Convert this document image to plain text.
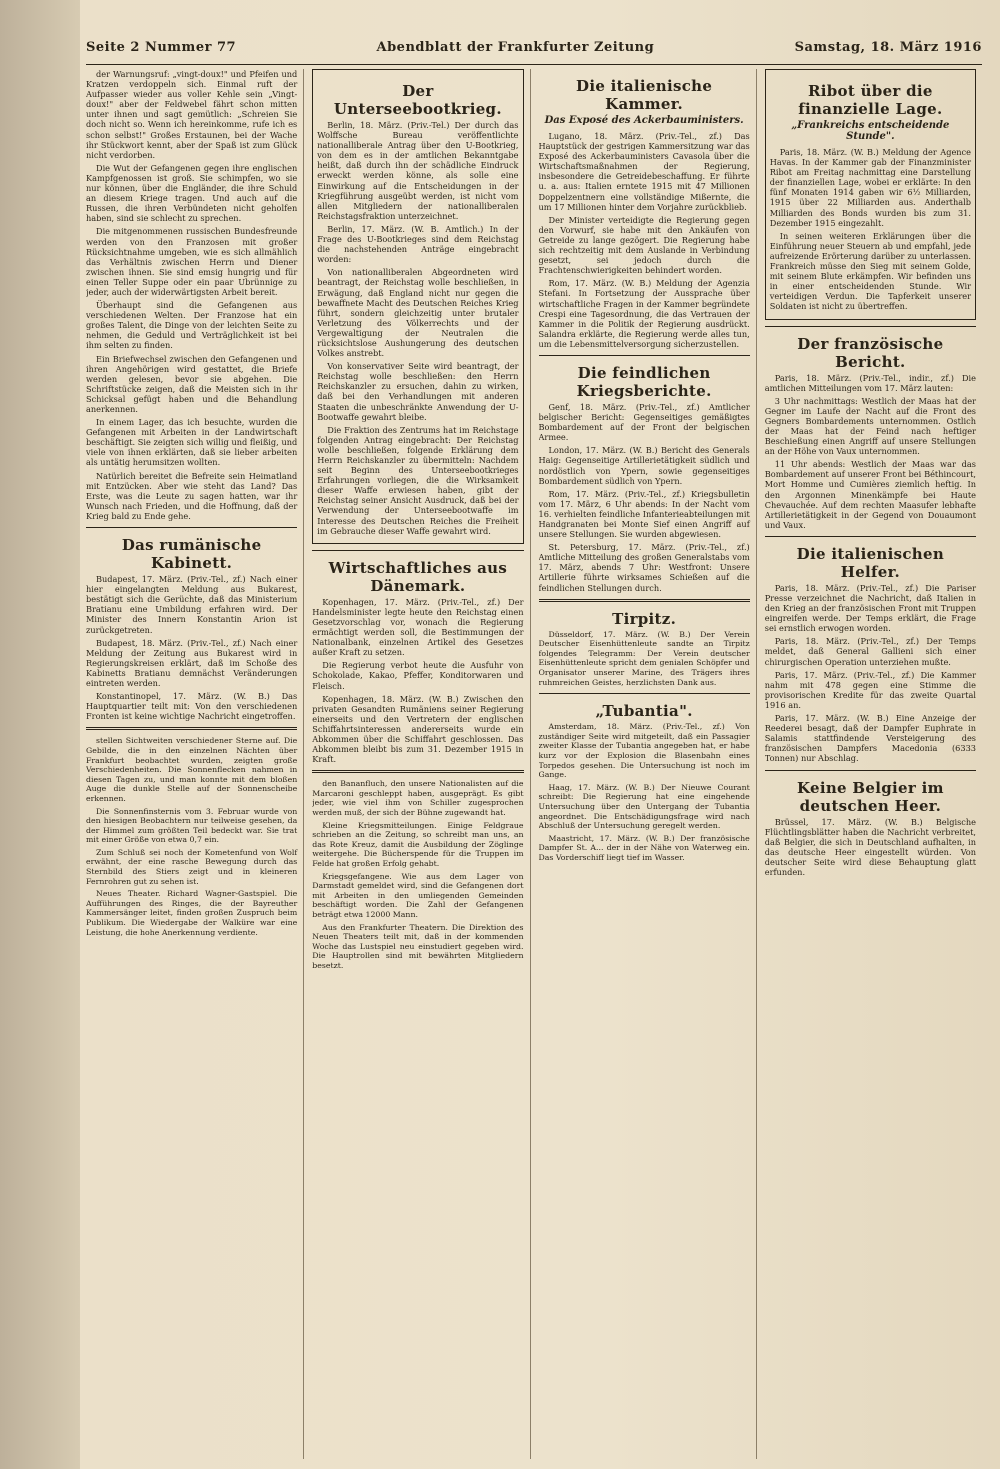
Seite 2 Nummer 77	Abendblatt der Frankfurter Zeitung	Samstag, 18. März 1916

der Warnungsruf: „vingt-doux!" und Pfeifen und Kratzen verdoppeln sich. Einmal ruft der Aufpasser wieder aus voller Kehle sein „Vingt-doux!" aber der Feldwebel fährt schon mitten unter ihnen und sagt gemütlich: „Schreien Sie doch nicht so. Wenn ich hereinkomme, rufe ich es schon selbst!" Großes Erstaunen, bei der Wache ihr Stückwort kennt, aber der Spaß ist zum Glück nicht verdorben.

Die Wut der Gefangenen gegen ihre englischen Kampfgenossen ist groß. Sie schimpfen, wo sie nur können, über die Engländer, die ihre Schuld an diesem Kriege tragen. Und auch auf die Russen, die ihren Verbündeten nicht geholfen haben, sind sie schlecht zu sprechen.

Die mitgenommenen russischen Bundesfreunde werden von den Franzosen mit großer Rücksichtnahme umgeben, wie es sich allmählich das Verhältnis zwischen Herrn und Diener zwischen ihnen. Sie sind emsig hungrig und für einen Teller Suppe oder ein paar Ubrünnige zu jeder, auch der widerwärtigsten Arbeit bereit.

Überhaupt sind die Gefangenen aus verschiedenen Welten. Der Franzose hat ein großes Talent, die Dinge von der leichten Seite zu nehmen, die Geduld und Verträglichkeit ist bei ihm selten zu finden.

Ein Briefwechsel zwischen den Gefangenen und ihren Angehörigen wird gestattet, die Briefe werden gelesen, bevor sie abgehen. Die Schriftstücke zeigen, daß die Meisten sich in ihr Schicksal gefügt haben und die Behandlung anerkennen.

In einem Lager, das ich besuchte, wurden die Gefangenen mit Arbeiten in der Landwirtschaft beschäftigt. Sie zeigten sich willig und fleißig, und viele von ihnen erklärten, daß sie lieber arbeiten als untätig herumsitzen wollten.

Natürlich bereitet die Befreite sein Heimatland mit Entzücken. Aber wie steht das Land? Das Erste, was die Leute zu sagen hatten, war ihr Wunsch nach Frieden, und die Hoffnung, daß der Krieg bald zu Ende gehe.

Das rumänische Kabinett.

Budapest, 17. März. (Priv.-Tel., zf.) Nach einer hier eingelangten Meldung aus Bukarest, bestätigt sich die Gerüchte, daß das Ministerium Bratianu eine Umbildung erfahren wird. Der Minister des Innern Konstantin Arion ist zurückgetreten.

Budapest, 18. März. (Priv.-Tel., zf.) Nach einer Meldung der Zeitung aus Bukarest wird in Regierungskreisen erklärt, daß im Schoße des Kabinetts Bratianu demnächst Veränderungen eintreten werden.

Konstantinopel, 17. März. (W. B.) Das Hauptquartier teilt mit: Von den verschiedenen Fronten ist keine wichtige Nachricht eingetroffen.

stellen Sichtweiten verschiedener Sterne auf. Die Gebilde, die in den einzelnen Nächten über Frankfurt beobachtet wurden, zeigten große Verschiedenheiten. Die Sonnenflecken nahmen in diesen Tagen zu, und man konnte mit dem bloßen Auge die dunkle Stelle auf der Sonnenscheibe erkennen.

Die Sonnenfinsternis vom 3. Februar wurde von den hiesigen Beobachtern nur teilweise gesehen, da der Himmel zum größten Teil bedeckt war. Sie trat mit einer Größe von etwa 0,7 ein.

Zum Schluß sei noch der Kometenfund von Wolf erwähnt, der eine rasche Bewegung durch das Sternbild des Stiers zeigt und in kleineren Fernrohren gut zu sehen ist.

Neues Theater. Richard Wagner-Gastspiel. Die Aufführungen des Ringes, die der Bayreuther Kammersänger leitet, finden großen Zuspruch beim Publikum. Die Wiedergabe der Walküre war eine Leistung, die hohe Anerkennung verdiente.

Der Unterseebootkrieg.

Berlin, 18. März. (Priv.-Tel.) Der durch das Wolffsche Bureau veröffentlichte nationalliberale Antrag über den U-Bootkrieg, von dem es in der amtlichen Bekanntgabe heißt, daß durch ihn der schädliche Eindruck erweckt werden könne, als solle eine Einwirkung auf die Entscheidungen in der Kriegführung ausgeübt werden, ist nicht vom allen Mitgliedern der nationalliberalen Reichstagsfraktion unterzeichnet.

Berlin, 17. März. (W. B. Amtlich.) In der Frage des U-Bootkrieges sind dem Reichstag die nachstehenden Anträge eingebracht worden:

Von nationalliberalen Abgeordneten wird beantragt, der Reichstag wolle beschließen, in Erwägung, daß England nicht nur gegen die bewaffnete Macht des Deutschen Reiches Krieg führt, sondern gleichzeitig unter brutaler Verletzung des Völkerrechts und der Vergewaltigung der Neutralen die rücksichtslose Aushungerung des deutschen Volkes anstrebt.

Von konservativer Seite wird beantragt, der Reichstag wolle beschließen: den Herrn Reichskanzler zu ersuchen, dahin zu wirken, daß bei den Verhandlungen mit anderen Staaten die unbeschränkte Anwendung der U-Bootwaffe gewahrt bleibe.

Die Fraktion des Zentrums hat im Reichstage folgenden Antrag eingebracht: Der Reichstag wolle beschließen, folgende Erklärung dem Herrn Reichskanzler zu übermitteln: Nachdem seit Beginn des Unterseebootkrieges Erfahrungen vorliegen, die die Wirksamkeit dieser Waffe erwiesen haben, gibt der Reichstag seiner Ansicht Ausdruck, daß bei der Verwendung der Unterseebootwaffe im Interesse des Deutschen Reiches die Freiheit im Gebrauche dieser Waffe gewahrt wird.

Wirtschaftliches aus Dänemark.

Kopenhagen, 17. März. (Priv.-Tel., zf.) Der Handelsminister legte heute den Reichstag einen Gesetzvorschlag vor, wonach die Regierung ermächtigt werden soll, die Bestimmungen der Nationalbank, einzelnen Artikel des Gesetzes außer Kraft zu setzen.

Die Regierung verbot heute die Ausfuhr von Schokolade, Kakao, Pfeffer, Konditorwaren und Fleisch.

Kopenhagen, 18. März. (W. B.) Zwischen den privaten Gesandten Rumäniens seiner Regierung einerseits und den Vertretern der englischen Schiffahrtsinteressen andererseits wurde ein Abkommen über die Schiffahrt geschlossen. Das Abkommen bleibt bis zum 31. Dezember 1915 in Kraft.

den Bananfluch, den unsere Nationalisten auf die Marcaroni geschleppt haben, ausgeprägt. Es gibt jeder, wie viel ihm von Schiller zugesprochen werden muß, der sich der Bühne zugewandt hat.

Kleine Kriegsmitteilungen. Einige Feldgraue schrieben an die Zeitung, so schreibt man uns, an das Rote Kreuz, damit die Ausbildung der Zöglinge weitergehe. Die Bücherspende für die Truppen im Felde hat großen Erfolg gehabt.

Kriegsgefangene. Wie aus dem Lager von Darmstadt gemeldet wird, sind die Gefangenen dort mit Arbeiten in den umliegenden Gemeinden beschäftigt worden. Die Zahl der Gefangenen beträgt etwa 12000 Mann.

Aus den Frankfurter Theatern. Die Direktion des Neuen Theaters teilt mit, daß in der kommenden Woche das Lustspiel neu einstudiert gegeben wird. Die Hauptrollen sind mit bewährten Mitgliedern besetzt.

Die italienische Kammer.
Das Exposé des Ackerbauministers.

Lugano, 18. März. (Priv.-Tel., zf.) Das Hauptstück der gestrigen Kammersitzung war das Exposé des Ackerbauministers Cavasola über die Wirtschaftsmaßnahmen der Regierung, insbesondere die Getreidebeschaffung. Er führte u. a. aus: Italien erntete 1915 mit 47 Millionen Doppelzentnern eine vollständige Mißernte, die um 17 Millionen hinter dem Vorjahre zurückblieb.

Der Minister verteidigte die Regierung gegen den Vorwurf, sie habe mit den Ankäufen von Getreide zu lange gezögert. Die Regierung habe sich rechtzeitig mit dem Auslande in Verbindung gesetzt, sei jedoch durch die Frachtenschwierigkeiten behindert worden.

Rom, 17. März. (W. B.) Meldung der Agenzia Stefani. In Fortsetzung der Aussprache über wirtschaftliche Fragen in der Kammer begründete Crespi eine Tagesordnung, die das Vertrauen der Kammer in die Politik der Regierung ausdrückt. Salandra erklärte, die Regierung werde alles tun, um die Lebensmittelversorgung sicherzustellen.

Die feindlichen Kriegsberichte.

Genf, 18. März. (Priv.-Tel., zf.) Amtlicher belgischer Bericht: Gegenseitiges gemäßigtes Bombardement auf der Front der belgischen Armee.

London, 17. März. (W. B.) Bericht des Generals Haig: Gegenseitige Artillerietätigkeit südlich und nordöstlich von Ypern, sowie gegenseitiges Bombardement südlich von Ypern.

Rom, 17. März. (Priv.-Tel., zf.) Kriegsbulletin vom 17. März, 6 Uhr abends: In der Nacht vom 16. verhielten feindliche Infanterieabteilungen mit Handgranaten bei Monte Sief einen Angriff auf unsere Stellungen. Sie wurden abgewiesen.

St. Petersburg, 17. März. (Priv.-Tel., zf.) Amtliche Mitteilung des großen Generalstabs vom 17. März, abends 7 Uhr: Westfront: Unsere Artillerie führte wirksames Schießen auf die feindlichen Stellungen durch.

Tirpitz.

Düsseldorf, 17. März. (W. B.) Der Verein Deutscher Eisenhüttenleute sandte an Tirpitz folgendes Telegramm: Der Verein deutscher Eisenhüttenleute spricht dem genialen Schöpfer und Organisator unserer Marine, des Trägers ihres ruhmreichen Geistes, herzlichsten Dank aus.

„Tubantia".

Amsterdam, 18. März. (Priv.-Tel., zf.) Von zuständiger Seite wird mitgeteilt, daß ein Passagier zweiter Klasse der Tubantia angegeben hat, er habe kurz vor der Explosion die Blasenbahn eines Torpedos gesehen. Die Untersuchung ist noch im Gange.

Haag, 17. März. (W. B.) Der Nieuwe Courant schreibt: Die Regierung hat eine eingehende Untersuchung über den Untergang der Tubantia angeordnet. Die Entschädigungsfrage wird nach Abschluß der Untersuchung geregelt werden.

Maastricht, 17. März. (W. B.) Der französische Dampfer St. A... der in der Nähe von Waterweg ein. Das Vorderschiff liegt tief im Wasser.

Ribot über die finanzielle Lage.
„Frankreichs entscheidende Stunde".

Paris, 18. März. (W. B.) Meldung der Agence Havas. In der Kammer gab der Finanzminister Ribot am Freitag nachmittag eine Darstellung der finanziellen Lage, wobei er erklärte: In den fünf Monaten 1914 gaben wir 6½ Milliarden, 1915 über 22 Milliarden aus. Anderthalb Milliarden des Bonds wurden bis zum 31. Dezember 1915 eingezahlt.

In seinen weiteren Erklärungen über die Einführung neuer Steuern ab und empfahl, jede aufreizende Erörterung darüber zu unterlassen. Frankreich müsse den Sieg mit seinem Golde, mit seinem Blute erkämpfen. Wir befinden uns in einer entscheidenden Stunde. Wir verteidigen Verdun. Die Tapferkeit unserer Soldaten ist nicht zu übertreffen.

Der französische Bericht.

Paris, 18. März. (Priv.-Tel., indir., zf.) Die amtlichen Mitteilungen vom 17. März lauten:

3 Uhr nachmittags: Westlich der Maas hat der Gegner im Laufe der Nacht auf die Front des Gegners Bombardements unternommen. Ostlich der Maas hat der Feind nach heftiger Beschießung einen Angriff auf unsere Stellungen an der Höhe von Vaux unternommen.

11 Uhr abends: Westlich der Maas war das Bombardement auf unserer Front bei Béthincourt, Mort Homme und Cumières ziemlich heftig. In den Argonnen Minenkämpfe bei Haute Chevauchée. Auf dem rechten Maasufer lebhafte Artillerietätigkeit in der Gegend von Douaumont und Vaux.

Die italienischen Helfer.

Paris, 18. März. (Priv.-Tel., zf.) Die Pariser Presse verzeichnet die Nachricht, daß Italien in den Krieg an der französischen Front mit Truppen eingreifen werde. Der Temps erklärt, die Frage sei ernstlich erwogen worden.

Paris, 18. März. (Priv.-Tel., zf.) Der Temps meldet, daß General Gallieni sich einer chirurgischen Operation unterziehen mußte.

Paris, 17. März. (Priv.-Tel., zf.) Die Kammer nahm mit 478 gegen eine Stimme die provisorischen Kredite für das zweite Quartal 1916 an.

Paris, 17. März. (W. B.) Eine Anzeige der Reederei besagt, daß der Dampfer Euphrate in Salamis stattfindende Versteigerung des französischen Dampfers Macedonia (6333 Tonnen) nur Abschlag.

Keine Belgier im deutschen Heer.

Brüssel, 17. März. (W. B.) Belgische Flüchtlingsblätter haben die Nachricht verbreitet, daß Belgier, die sich in Deutschland aufhalten, in das deutsche Heer eingestellt würden. Von deutscher Seite wird diese Behauptung glatt erfunden.
